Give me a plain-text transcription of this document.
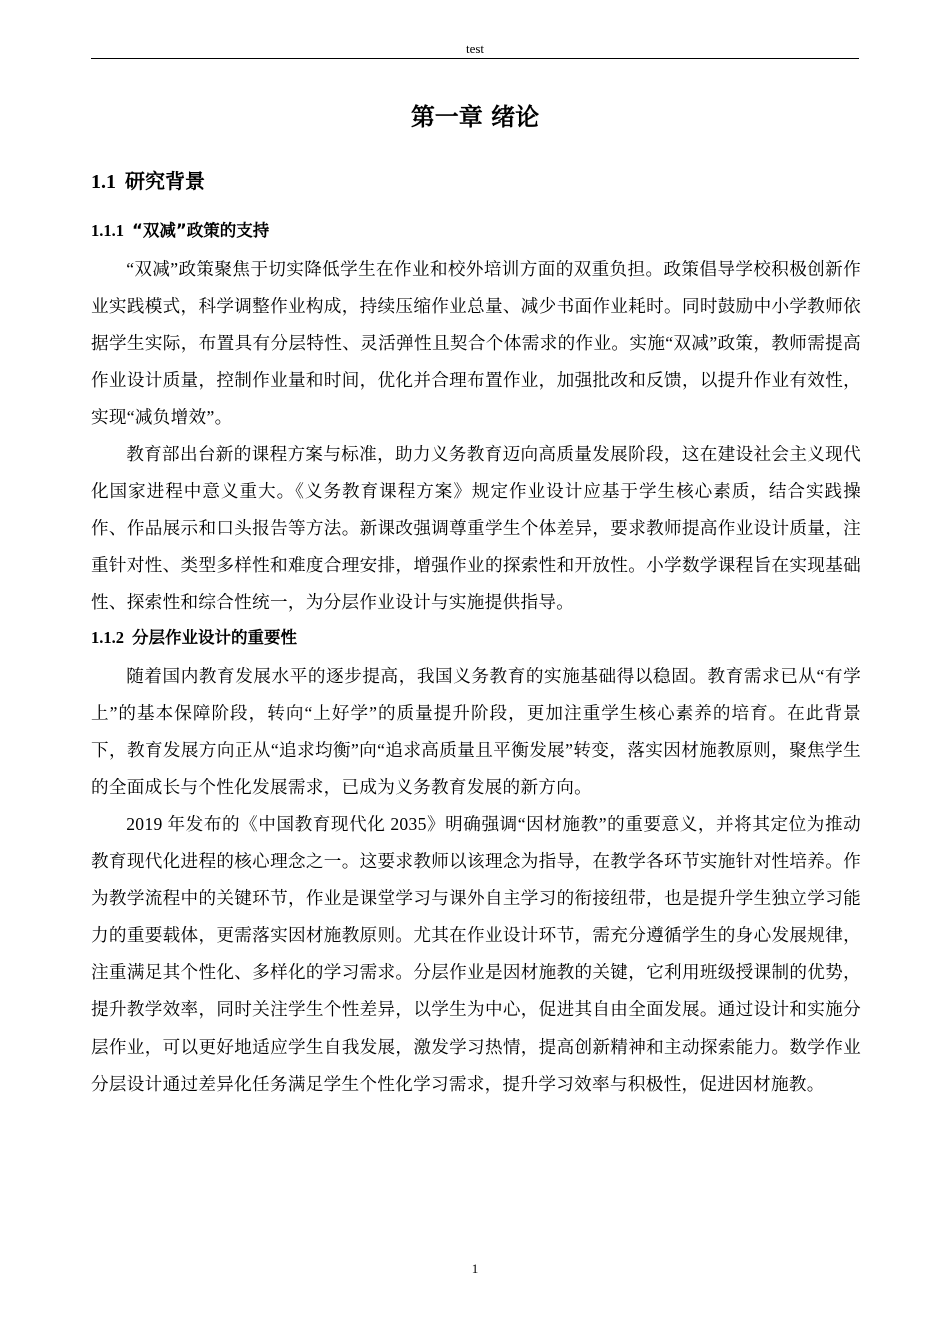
test
第一章 绪论
1.1 研究背景
1.1.1 “双减”政策的支持

“双减”政策聚焦于切实降低学生在作业和校外培训方面的双重负担。政策倡导学校积极创新作业实践模式，科学调整作业构成，持续压缩作业总量、减少书面作业耗时。同时鼓励中小学教师依据学生实际，布置具有分层特性、灵活弹性且契合个体需求的作业。实施“双减”政策，教师需提高作业设计质量，控制作业量和时间，优化并合理布置作业，加强批改和反馈，以提升作业有效性，实现“减负增效”。

教育部出台新的课程方案与标准，助力义务教育迈向高质量发展阶段，这在建设社会主义现代化国家进程中意义重大。《义务教育课程方案》规定作业设计应基于学生核心素质，结合实践操作、作品展示和口头报告等方法。新课改强调尊重学生个体差异，要求教师提高作业设计质量，注重针对性、类型多样性和难度合理安排，增强作业的探索性和开放性。小学数学课程旨在实现基础性、探索性和综合性统一，为分层作业设计与实施提供指导。

1.1.2 分层作业设计的重要性

随着国内教育发展水平的逐步提高，我国义务教育的实施基础得以稳固。教育需求已从“有学上”的基本保障阶段，转向“上好学”的质量提升阶段，更加注重学生核心素养的培育。在此背景下，教育发展方向正从“追求均衡”向“追求高质量且平衡发展”转变，落实因材施教原则，聚焦学生的全面成长与个性化发展需求，已成为义务教育发展的新方向。

2019 年发布的《中国教育现代化 2035》明确强调“因材施教”的重要意义，并将其定位为推动教育现代化进程的核心理念之一。这要求教师以该理念为指导，在教学各环节实施针对性培养。作为教学流程中的关键环节，作业是课堂学习与课外自主学习的衔接纽带，也是提升学生独立学习能力的重要载体，更需落实因材施教原则。尤其在作业设计环节，需充分遵循学生的身心发展规律，注重满足其个性化、多样化的学习需求。分层作业是因材施教的关键，它利用班级授课制的优势，提升教学效率，同时关注学生个性差异，以学生为中心，促进其自由全面发展。通过设计和实施分层作业，可以更好地适应学生自我发展，激发学习热情，提高创新精神和主动探索能力。数学作业分层设计通过差异化任务满足学生个性化学习需求，提升学习效率与积极性，促进因材施教。

1
